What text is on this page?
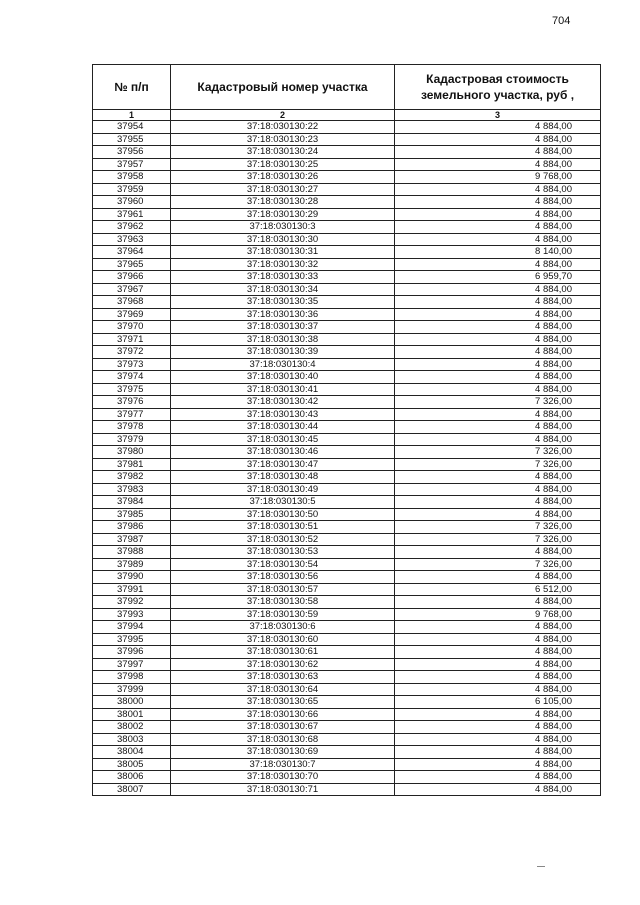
704
№ п/п	Кадастровый номер участка	Кадастровая стоимость земельного участка, руб ,
1	2	3
37954	37:18:030130:22	4 884,00
37955	37:18:030130:23	4 884,00
37956	37:18:030130:24	4 884,00
37957	37:18:030130:25	4 884,00
37958	37:18:030130:26	9 768,00
37959	37:18:030130:27	4 884,00
37960	37:18:030130:28	4 884,00
37961	37:18:030130:29	4 884,00
37962	37:18:030130:3	4 884,00
37963	37:18:030130:30	4 884,00
37964	37:18:030130:31	8 140,00
37965	37:18:030130:32	4 884,00
37966	37:18:030130:33	6 959,70
37967	37:18:030130:34	4 884,00
37968	37:18:030130:35	4 884,00
37969	37:18:030130:36	4 884,00
37970	37:18:030130:37	4 884,00
37971	37:18:030130:38	4 884,00
37972	37:18:030130:39	4 884,00
37973	37:18:030130:4	4 884,00
37974	37:18:030130:40	4 884,00
37975	37:18:030130:41	4 884,00
37976	37:18:030130:42	7 326,00
37977	37:18:030130:43	4 884,00
37978	37:18:030130:44	4 884,00
37979	37:18:030130:45	4 884,00
37980	37:18:030130:46	7 326,00
37981	37:18:030130:47	7 326,00
37982	37:18:030130:48	4 884,00
37983	37:18:030130:49	4 884,00
37984	37:18:030130:5	4 884,00
37985	37:18:030130:50	4 884,00
37986	37:18:030130:51	7 326,00
37987	37:18:030130:52	7 326,00
37988	37:18:030130:53	4 884,00
37989	37:18:030130:54	7 326,00
37990	37:18:030130:56	4 884,00
37991	37:18:030130:57	6 512,00
37992	37:18:030130:58	4 884,00
37993	37:18:030130:59	9 768,00
37994	37:18:030130:6	4 884,00
37995	37:18:030130:60	4 884,00
37996	37:18:030130:61	4 884,00
37997	37:18:030130:62	4 884,00
37998	37:18:030130:63	4 884,00
37999	37:18:030130:64	4 884,00
38000	37:18:030130:65	6 105,00
38001	37:18:030130:66	4 884,00
38002	37:18:030130:67	4 884,00
38003	37:18:030130:68	4 884,00
38004	37:18:030130:69	4 884,00
38005	37:18:030130:7	4 884,00
38006	37:18:030130:70	4 884,00
38007	37:18:030130:71	4 884,00
